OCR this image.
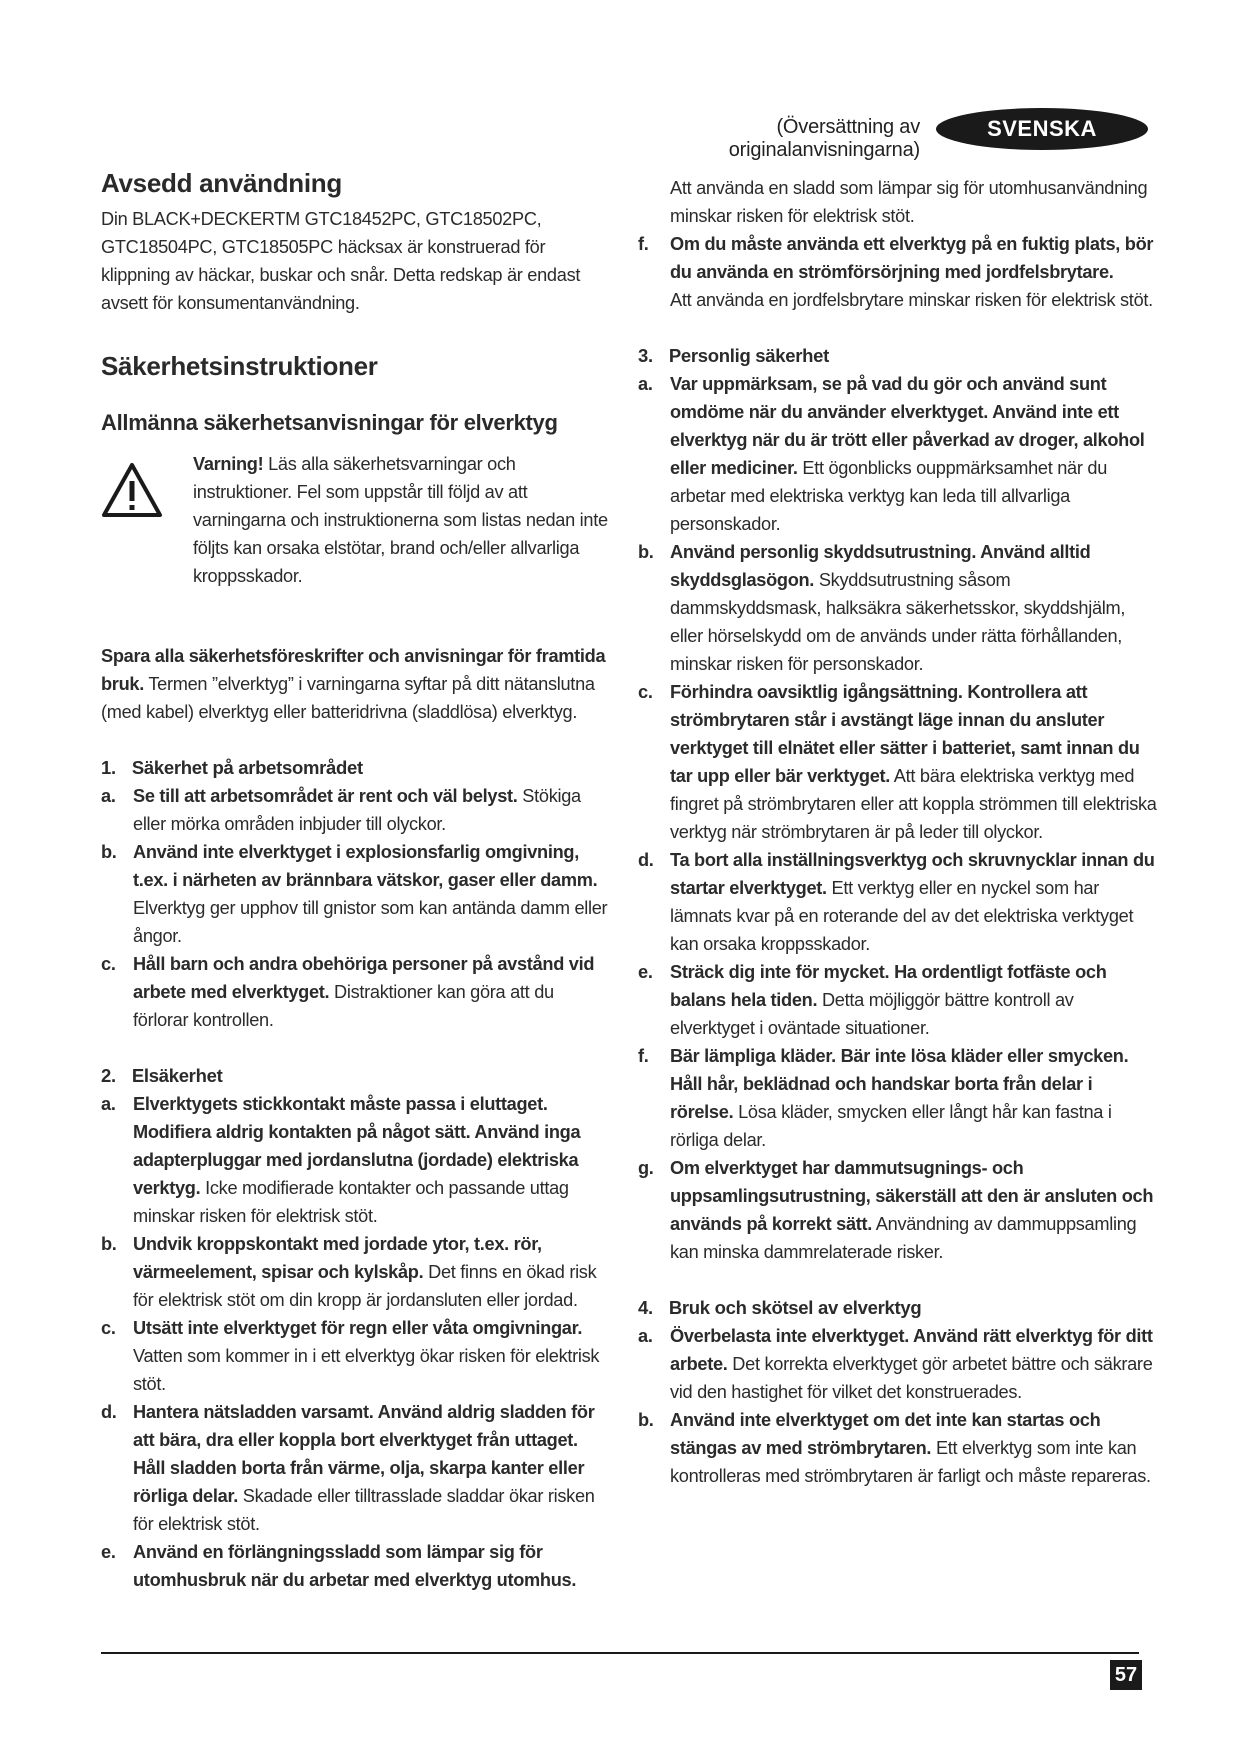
(Översättning av originalanvisningarna)
SVENSKA
Avsedd användning

Din BLACK+DECKERTM GTC18452PC, GTC18502PC, GTC18504PC, GTC18505PC häcksax är konstruerad för klippning av häckar, buskar och snår. Detta redskap är endast avsett för konsumentanvändning.

Säkerhetsinstruktioner
Allmänna säkerhetsanvisningar för elverktyg

Varning! Läs alla säkerhetsvarningar och instruktioner. Fel som uppstår till följd av att varningarna och instruktionerna som listas nedan inte följts kan orsaka elstötar, brand och/eller allvarliga kroppsskador.

Spara alla säkerhetsföreskrifter och anvisningar för framtida bruk. Termen ”elverktyg” i varningarna syftar på ditt nätanslutna (med kabel) elverktyg eller batteridrivna (sladdlösa) elverktyg.

1. Säkerhet på arbetsområdet
a. Se till att arbetsområdet är rent och väl belyst. Stökiga eller mörka områden inbjuder till olyckor.
b. Använd inte elverktyget i explosionsfarlig omgivning, t.ex. i närheten av brännbara vätskor, gaser eller damm. Elverktyg ger upphov till gnistor som kan antända damm eller ångor.
c. Håll barn och andra obehöriga personer på avstånd vid arbete med elverktyget. Distraktioner kan göra att du förlorar kontrollen.
2. Elsäkerhet
a. Elverktygets stickkontakt måste passa i eluttaget. Modifiera aldrig kontakten på något sätt. Använd inga adapterpluggar med jordanslutna (jordade) elektriska verktyg. Icke modifierade kontakter och passande uttag minskar risken för elektrisk stöt.
b. Undvik kroppskontakt med jordade ytor, t.ex. rör, värmeelement, spisar och kylskåp. Det finns en ökad risk för elektrisk stöt om din kropp är jordansluten eller jordad.
c. Utsätt inte elverktyget för regn eller våta omgivningar. Vatten som kommer in i ett elverktyg ökar risken för elektrisk stöt.
d. Hantera nätsladden varsamt. Använd aldrig sladden för att bära, dra eller koppla bort elverktyget från uttaget. Håll sladden borta från värme, olja, skarpa kanter eller rörliga delar. Skadade eller tilltrasslade sladdar ökar risken för elektrisk stöt.
e. Använd en förlängningssladd som lämpar sig för utomhusbruk när du arbetar med elverktyg utomhus.

Att använda en sladd som lämpar sig för utomhusanvändning minskar risken för elektrisk stöt.

f.	Om du måste använda ett elverktyg på en fuktig plats, bör du använda en strömförsörjning med jordfelsbrytare.

Att använda en jordfelsbrytare minskar risken för elektrisk stöt.

3. Personlig säkerhet
a. Var uppmärksam, se på vad du gör och använd sunt omdöme när du använder elverktyget. Använd inte ett elverktyg när du är trött eller påverkad av droger, alkohol eller mediciner. Ett ögonblicks ouppmärksamhet när du arbetar med elektriska verktyg kan leda till allvarliga personskador.
b. Använd personlig skyddsutrustning. Använd alltid skyddsglasögon. Skyddsutrustning såsom dammskyddsmask, halksäkra säkerhetsskor, skyddshjälm, eller hörselskydd om de används under rätta förhållanden, minskar risken för personskador.
c. Förhindra oavsiktlig igångsättning. Kontrollera att strömbrytaren står i avstängt läge innan du ansluter verktyget till elnätet eller sätter i batteriet, samt innan du tar upp eller bär verktyget. Att bära elektriska verktyg med fingret på strömbrytaren eller att koppla strömmen till elektriska verktyg när strömbrytaren är på leder till olyckor.
d. Ta bort alla inställningsverktyg och skruvnycklar innan du startar elverktyget. Ett verktyg eller en nyckel som har lämnats kvar på en roterande del av det elektriska verktyget kan orsaka kroppsskador.
e. Sträck dig inte för mycket. Ha ordentligt fotfäste och balans hela tiden. Detta möjliggör bättre kontroll av elverktyget i oväntade situationer.
f.	Bär lämpliga kläder. Bär inte lösa kläder eller smycken. Håll hår, beklädnad och handskar borta från delar i rörelse. Lösa kläder, smycken eller långt hår kan fastna i rörliga delar.
g. Om elverktyget har dammutsugnings- och uppsamlingsutrustning, säkerställ att den är ansluten och används på korrekt sätt. Användning av dammuppsamling kan minska dammrelaterade risker.
4. Bruk och skötsel av elverktyg
a. Överbelasta inte elverktyget. Använd rätt elverktyg för ditt arbete. Det korrekta elverktyget gör arbetet bättre och säkrare vid den hastighet för vilket det konstruerades.
b. Använd inte elverktyget om det inte kan startas och stängas av med strömbrytaren. Ett elverktyg som inte kan kontrolleras med strömbrytaren är farligt och måste repareras.
57
